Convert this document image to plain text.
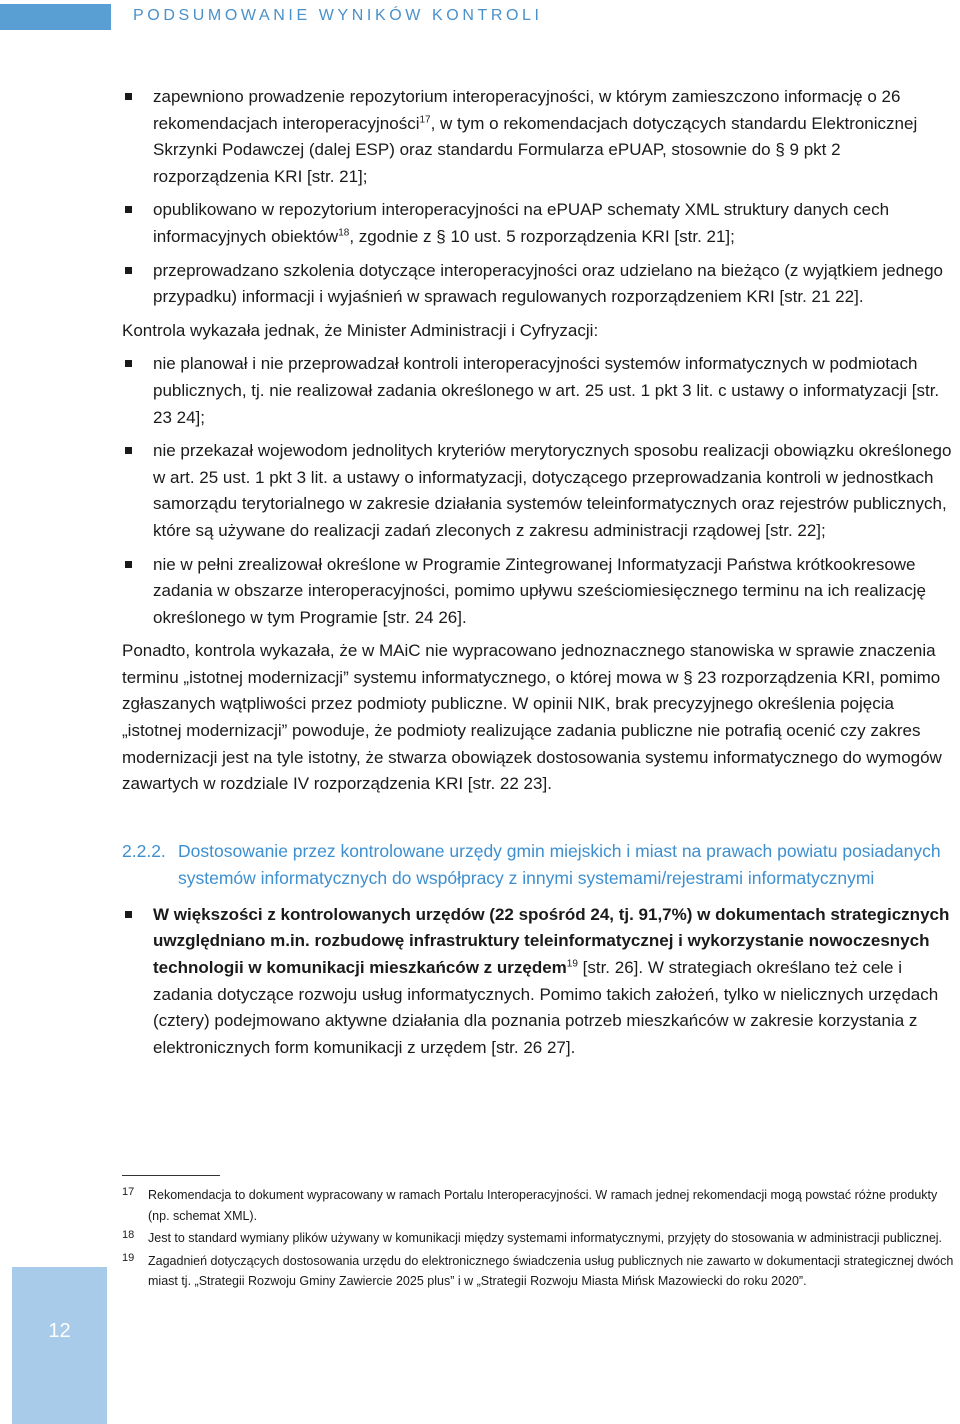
PODSUMOWANIE WYNIKÓW KONTROLI
zapewniono prowadzenie repozytorium interoperacyjności, w którym zamieszczono informację o 26 rekomendacjach interoperacyjności$^{17}$, w tym o rekomendacjach dotyczących standardu Elektronicznej Skrzynki Podawczej (dalej ESP) oraz standardu Formularza ePUAP, stosownie do § 9 pkt 2 rozporządzenia KRI [str. 21];
opublikowano w repozytorium interoperacyjności na ePUAP schematy XML struktury danych cech informacyjnych obiektów$^{18}$, zgodnie z § 10 ust. 5 rozporządzenia KRI [str. 21];
przeprowadzano szkolenia dotyczące interoperacyjności oraz udzielano na bieżąco (z wyjątkiem jednego przypadku) informacji i wyjaśnień w sprawach regulowanych rozporządzeniem KRI [str. 21 22].

Kontrola wykazała jednak, że Minister Administracji i Cyfryzacji:

nie planował i nie przeprowadzał kontroli interoperacyjności systemów informatycznych w podmiotach publicznych, tj. nie realizował zadania określonego w art. 25 ust. 1 pkt 3 lit. c ustawy o informatyzacji [str. 23 24];
nie przekazał wojewodom jednolitych kryteriów merytorycznych sposobu realizacji obowiązku określonego w art. 25 ust. 1 pkt 3 lit. a ustawy o informatyzacji, dotyczącego przeprowadzania kontroli w jednostkach samorządu terytorialnego w zakresie działania systemów teleinformatycznych oraz rejestrów publicznych, które są używane do realizacji zadań zleconych z zakresu administracji rządowej [str. 22];
nie w pełni zrealizował określone w Programie Zintegrowanej Informatyzacji Państwa krótkookresowe zadania w obszarze interoperacyjności, pomimo upływu sześciomiesięcznego terminu na ich realizację określonego w tym Programie [str. 24 26].

Ponadto, kontrola wykazała, że w MAiC nie wypracowano jednoznacznego stanowiska w sprawie znaczenia terminu „istotnej modernizacji” systemu informatycznego, o której mowa w § 23 rozporządzenia KRI, pomimo zgłaszanych wątpliwości przez podmioty publiczne. W opinii NIK, brak precyzyjnego określenia pojęcia „istotnej modernizacji” powoduje, że podmioty realizujące zadania publiczne nie potrafią ocenić czy zakres modernizacji jest na tyle istotny, że stwarza obowiązek dostosowania systemu informatycznego do wymogów zawartych w rozdziale IV rozporządzenia KRI [str. 22 23].

2.2.2. Dostosowanie przez kontrolowane urzędy gmin miejskich i miast na prawach powiatu posiadanych systemów informatycznych do współpracy z innymi systemami/rejestrami informatycznymi
W większości z kontrolowanych urzędów (22 spośród 24, tj. 91,7%) w dokumentach strategicznych uwzględniano m.in. rozbudowę infrastruktury teleinformatycznej i wykorzystanie nowoczesnych technologii w komunikacji mieszkańców z urzędem$^{19}$ [str. 26]. W strategiach określano też cele i zadania dotyczące rozwoju usług informatycznych. Pomimo takich założeń, tylko w nielicznych urzędach (cztery) podejmowano aktywne działania dla poznania potrzeb mieszkańców w zakresie korzystania z elektronicznych form komunikacji z urzędem [str. 26 27].
17 Rekomendacja to dokument wypracowany w ramach Portalu Interoperacyjności. W ramach jednej rekomendacji mogą powstać różne produkty (np. schemat XML).
18 Jest to standard wymiany plików używany w komunikacji między systemami informatycznymi, przyjęty do stosowania w administracji publicznej.
19 Zagadnień dotyczących dostosowania urzędu do elektronicznego świadczenia usług publicznych nie zawarto w dokumentacji strategicznej dwóch miast tj. „Strategii Rozwoju Gminy Zawiercie 2025 plus” i w „Strategii Rozwoju Miasta Mińsk Mazowiecki do roku 2020”.
12
